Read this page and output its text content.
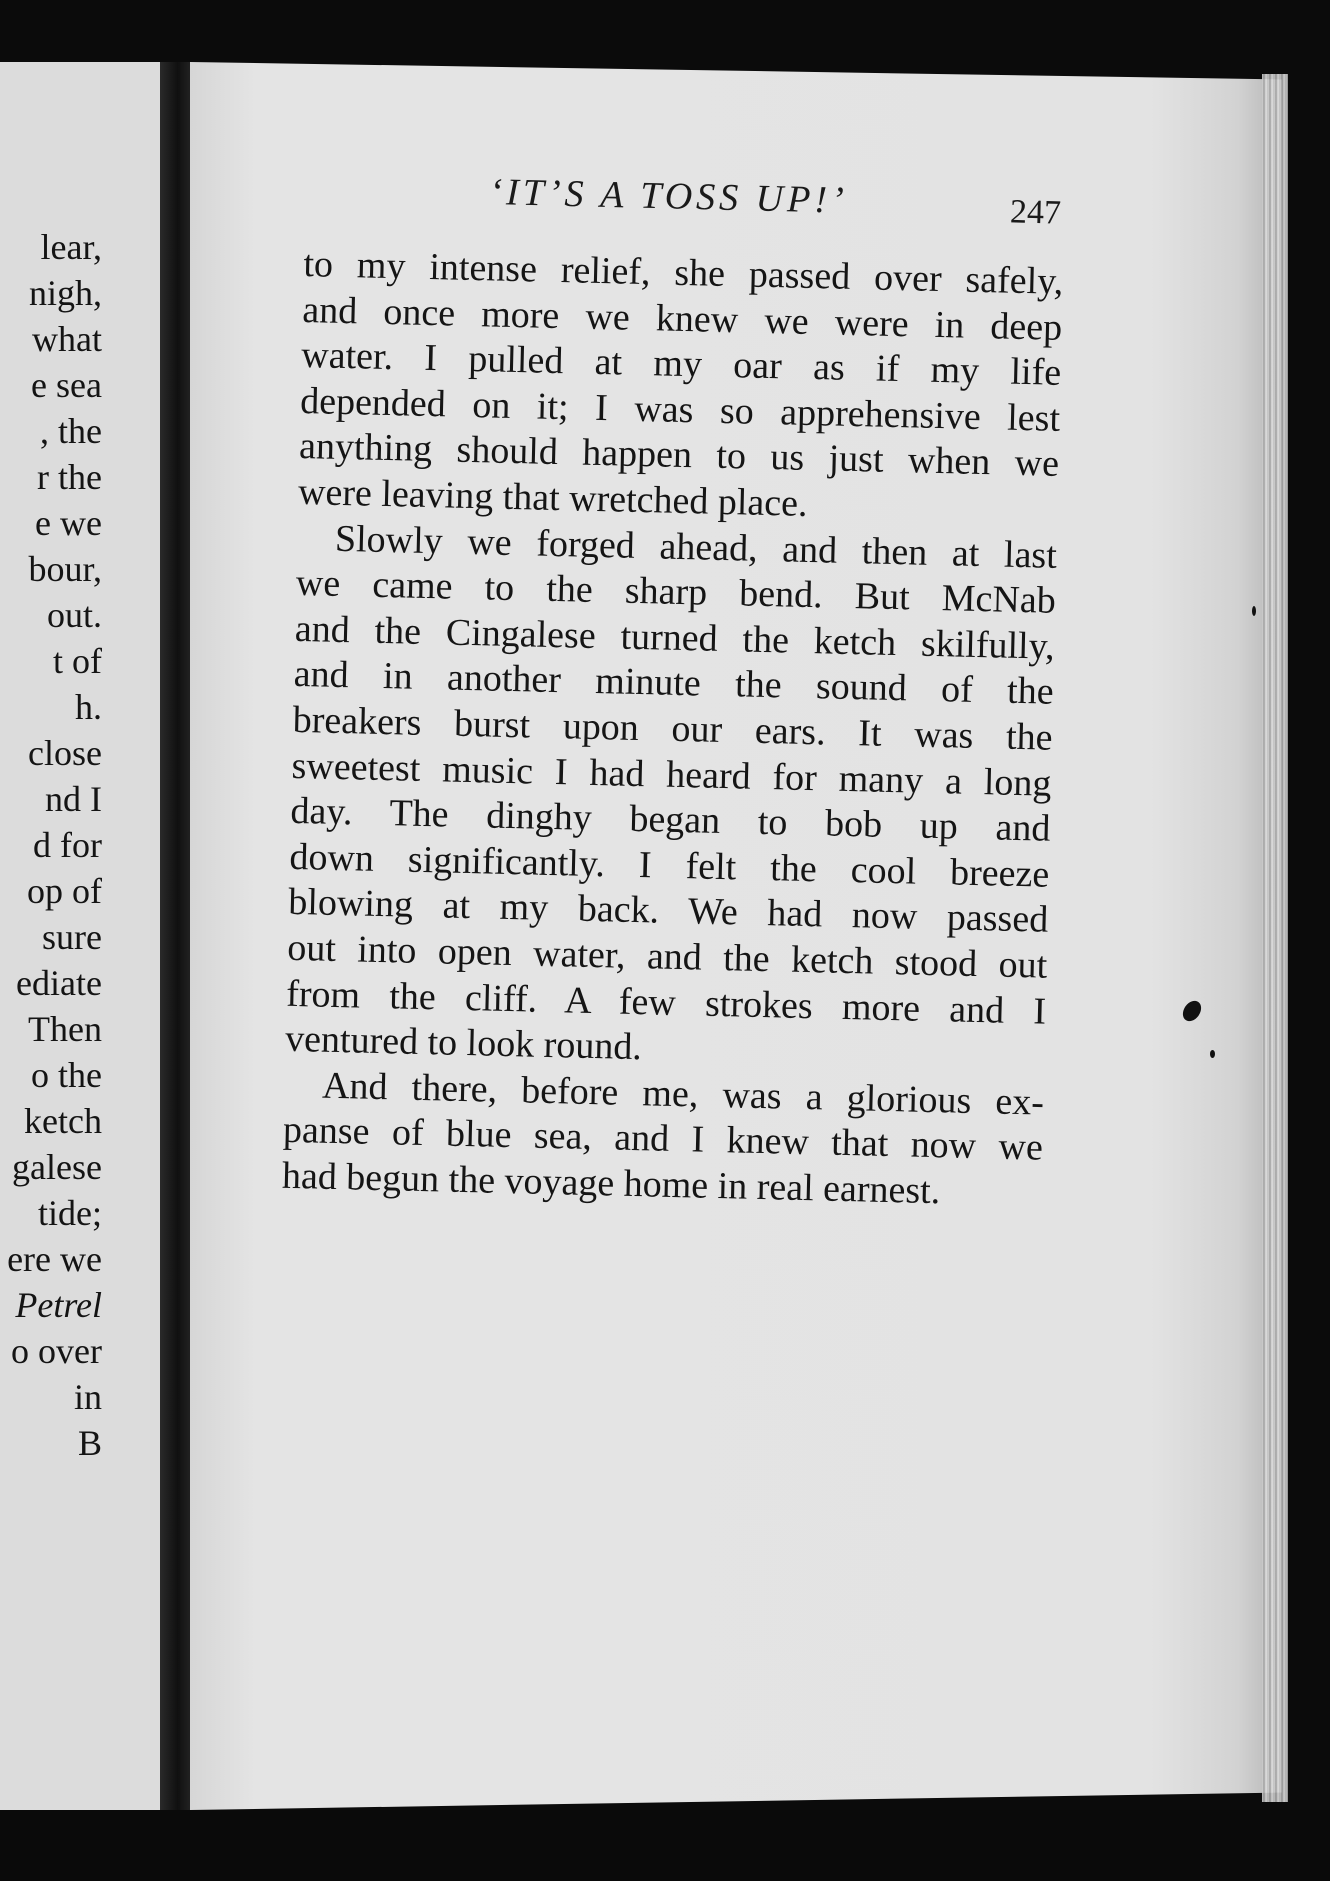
lear,
nigh,
what
e sea
, the
r the
e we
bour,
out.
t of
h.
close
nd I
d for
op of
sure
ediate
Then
o the
ketch
galese
tide;
ere we
Petrel
o over
in
B
‘IT’S A TOSS UP!’	247
to my intense relief, she passed over safely,
and once more we knew we were in deep
water. I pulled at my oar as if my life
depended on it; I was so apprehensive lest
anything should happen to us just when we
were leaving that wretched place.
Slowly we forged ahead, and then at last
we came to the sharp bend. But McNab
and the Cingalese turned the ketch skilfully,
and in another minute the sound of the
breakers burst upon our ears. It was the
sweetest music I had heard for many a long
day. The dinghy began to bob up and
down significantly. I felt the cool breeze
blowing at my back. We had now passed
out into open water, and the ketch stood out
from the cliff. A few strokes more and I
ventured to look round.
And there, before me, was a glorious ex-
panse of blue sea, and I knew that now we
had begun the voyage home in real earnest.
